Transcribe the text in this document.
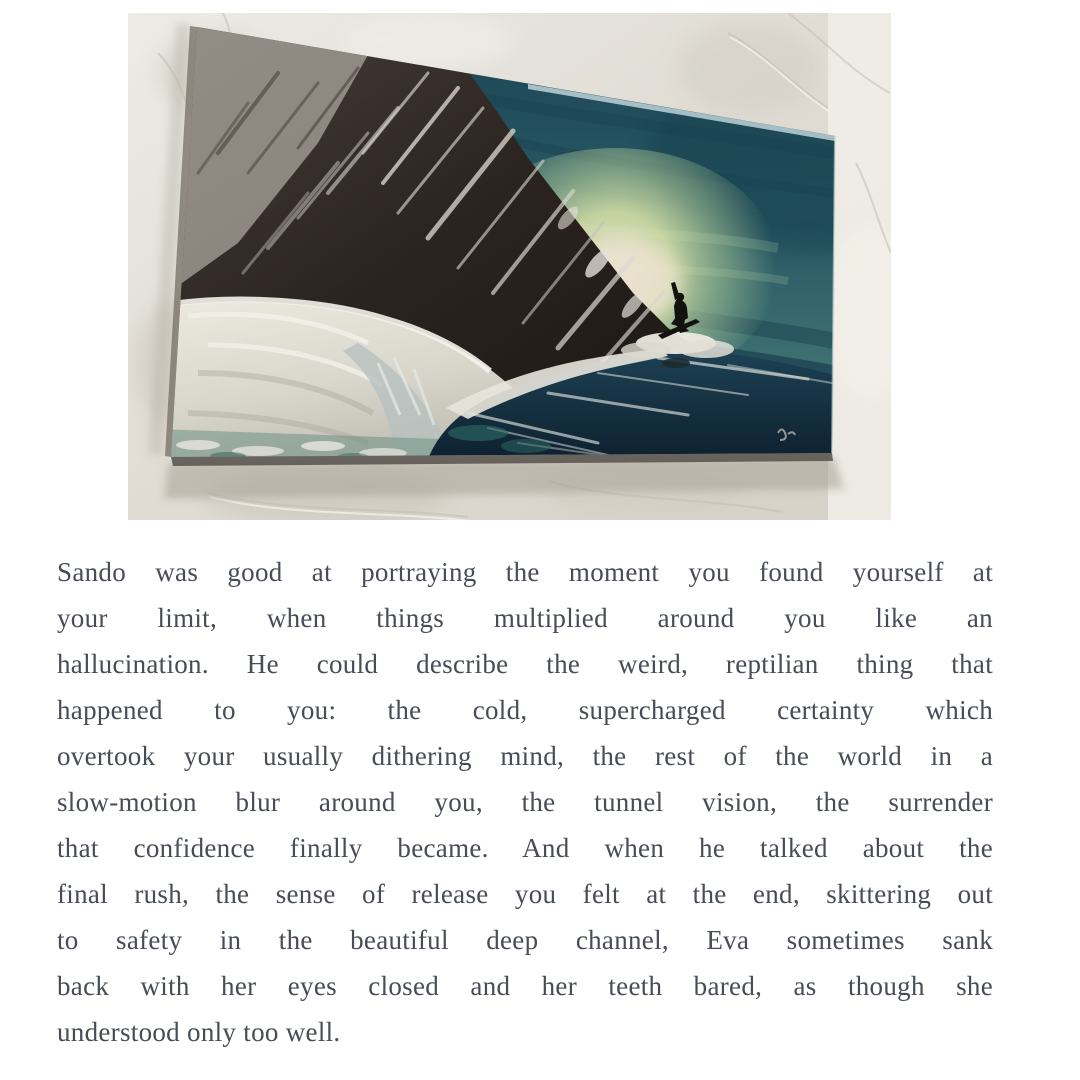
Sando was good at portraying the moment you found yourself at
your limit, when things multiplied around you like an
hallucination. He could describe the weird, reptilian thing that
happened to you: the cold, supercharged certainty which
overtook your usually dithering mind, the rest of the world in a
slow-motion blur around you, the tunnel vision, the surrender
that confidence finally became. And when he talked about the
final rush, the sense of release you felt at the end, skittering out
to safety in the beautiful deep channel, Eva sometimes sank
back with her eyes closed and her teeth bared, as though she
understood only too well.
